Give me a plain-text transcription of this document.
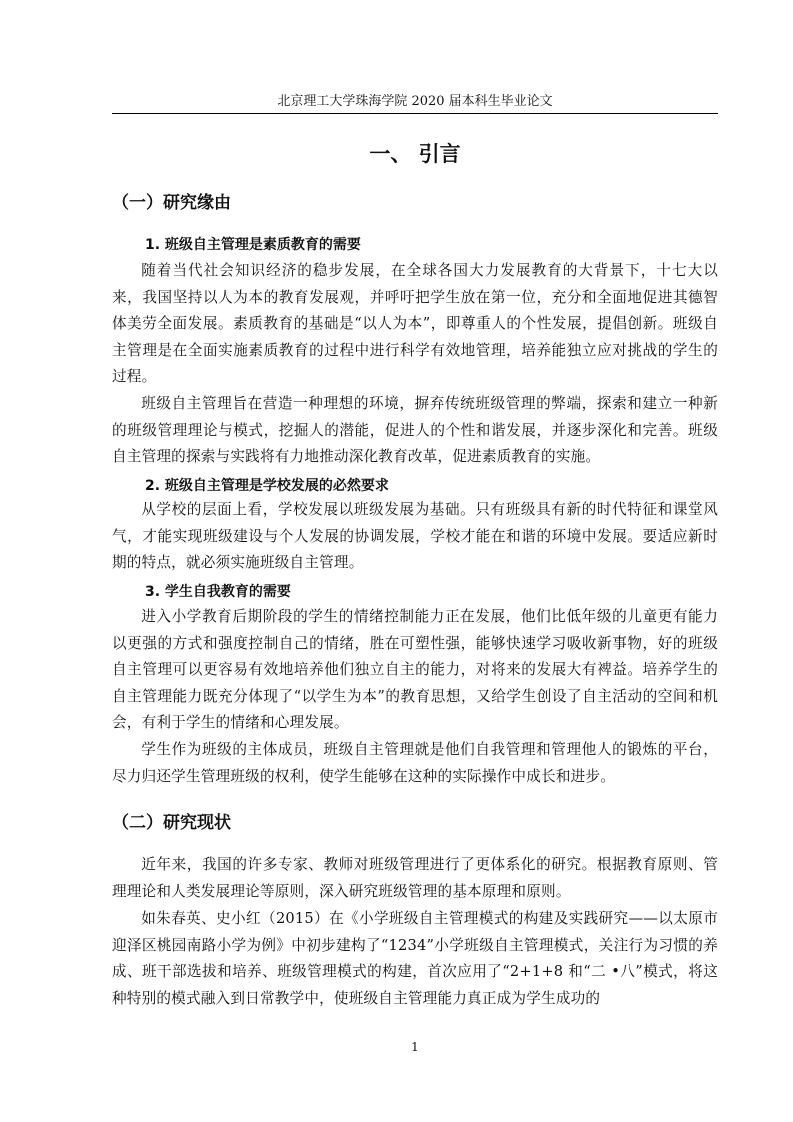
北京理工大学珠海学院 2020 届本科生毕业论文
一、 引言
（一）研究缘由
1. 班级自主管理是素质教育的需要

随着当代社会知识经济的稳步发展，在全球各国大力发展教育的大背景下，十七大以来，我国坚持以人为本的教育发展观，并呼吁把学生放在第一位，充分和全面地促进其德智体美劳全面发展。素质教育的基础是“以人为本”，即尊重人的个性发展，提倡创新。班级自主管理是在全面实施素质教育的过程中进行科学有效地管理，培养能独立应对挑战的学生的过程。

班级自主管理旨在营造一种理想的环境，摒弃传统班级管理的弊端，探索和建立一种新的班级管理理论与模式，挖掘人的潜能，促进人的个性和谐发展，并逐步深化和完善。班级自主管理的探索与实践将有力地推动深化教育改革，促进素质教育的实施。

2. 班级自主管理是学校发展的必然要求

从学校的层面上看，学校发展以班级发展为基础。只有班级具有新的时代特征和课堂风气，才能实现班级建设与个人发展的协调发展，学校才能在和谐的环境中发展。要适应新时期的特点，就必须实施班级自主管理。

3. 学生自我教育的需要

进入小学教育后期阶段的学生的情绪控制能力正在发展，他们比低年级的儿童更有能力以更强的方式和强度控制自己的情绪，胜在可塑性强，能够快速学习吸收新事物，好的班级自主管理可以更容易有效地培养他们独立自主的能力，对将来的发展大有裨益。培养学生的自主管理能力既充分体现了“以学生为本”的教育思想，又给学生创设了自主活动的空间和机会，有利于学生的情绪和心理发展。

学生作为班级的主体成员，班级自主管理就是他们自我管理和管理他人的锻炼的平台，尽力归还学生管理班级的权利，使学生能够在这种的实际操作中成长和进步。

（二）研究现状

近年来，我国的许多专家、教师对班级管理进行了更体系化的研究。根据教育原则、管理理论和人类发展理论等原则，深入研究班级管理的基本原理和原则。

如朱春英、史小红（2015）在《小学班级自主管理模式的构建及实践研究——以太原市迎泽区桃园南路小学为例》中初步建构了“1234”小学班级自主管理模式，关注行为习惯的养成、班干部选拔和培养、班级管理模式的构建，首次应用了“2+1+8 和“二 •八”模式，将这种特别的模式融入到日常教学中，使班级自主管理能力真正成为学生成功的

1
